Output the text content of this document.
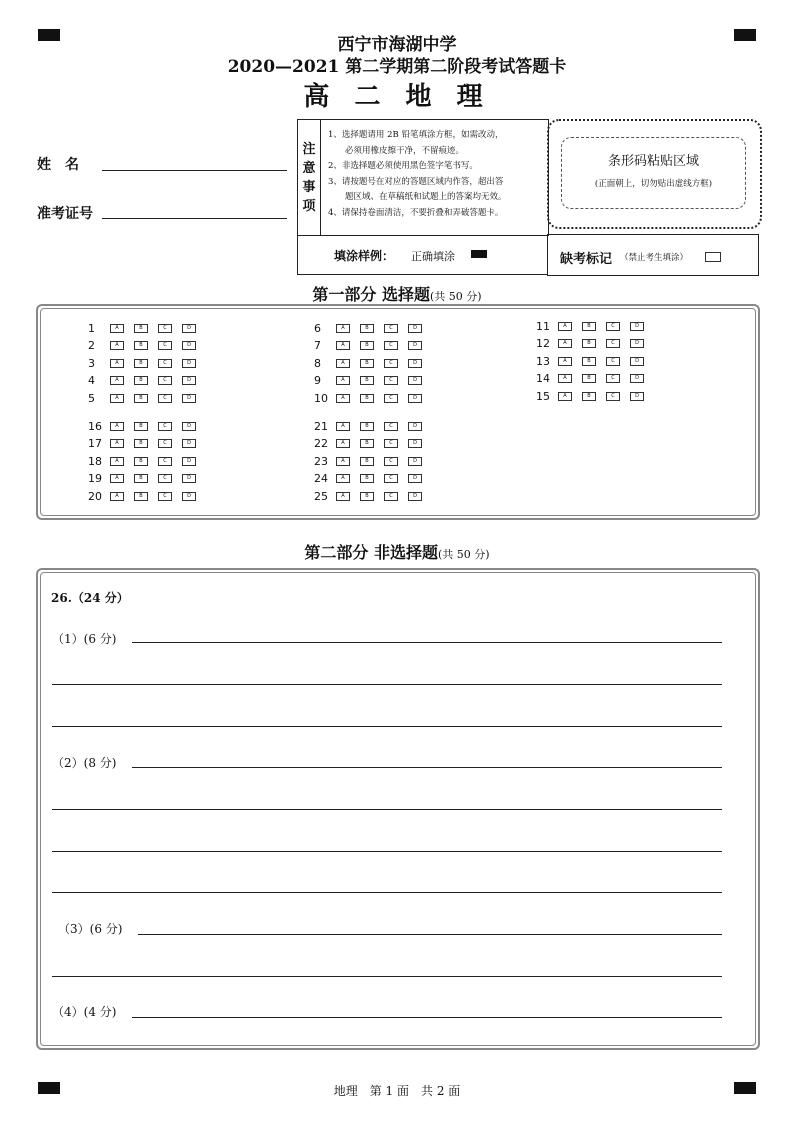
西宁市海湖中学
2020—2021 第二学期第二阶段考试答题卡
高 二 地 理
姓　名
准考证号
注
意
事
项
1、选择题请用 2B 铅笔填涂方框，如需改动，
　　必须用橡皮擦干净，不留痕迹。
2、非选择题必须使用黑色签字笔书写。
3、请按题号在对应的答题区域内作答，超出答
　　题区域、在草稿纸和试题上的答案均无效。
4、请保持卷面清洁，不要折叠和弄破答题卡。
条形码粘贴区域
(正面朝上，切勿贴出虚线方框)
填涂样例： 正确填涂	缺考标记 （禁止考生填涂）
第一部分 选择题(共 50 分)
1	A	B	C	D
2	A	B	C	D
3	A	B	C	D
4	A	B	C	D
5	A	B	C	D
6	A	B	C	D
7	A	B	C	D
8	A	B	C	D
9	A	B	C	D
10	A	B	C	D
11	A	B	C	D
12	A	B	C	D
13	A	B	C	D
14	A	B	C	D
15	A	B	C	D
16	A	B	C	D
17	A	B	C	D
18	A	B	C	D
19	A	B	C	D
20	A	B	C	D
21	A	B	C	D
22	A	B	C	D
23	A	B	C	D
24	A	B	C	D
25	A	B	C	D
第二部分 非选择题(共 50 分)
26.（24 分）
（1）(6 分)
（2）(8 分)
（3）(6 分)
（4）(4 分)
地理　第 1 面　共 2 面
